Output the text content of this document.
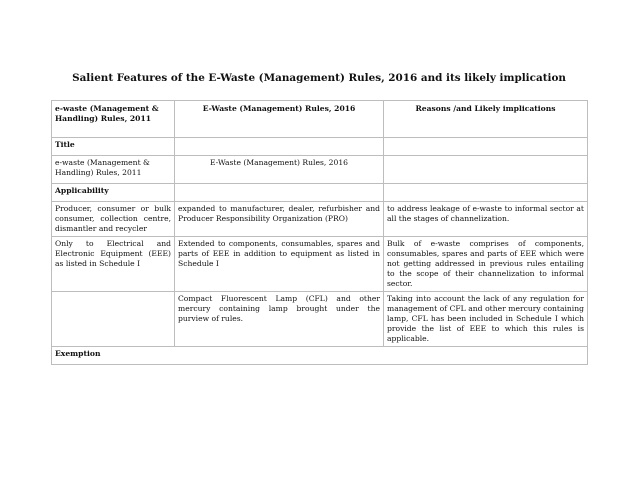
Salient Features of the E-Waste (Management) Rules, 2016 and its likely implication
e-waste (Management & Handling) Rules, 2011	E-Waste (Management) Rules, 2016	Reasons /and Likely implications
Title		
e-waste (Management & Handling) Rules, 2011	E-Waste (Management) Rules, 2016	
Applicability		
Producer, consumer or bulk consumer, collection centre, dismantler and recycler	expanded to manufacturer, dealer, refurbisher and Producer Responsibility Organization (PRO)	to address leakage of e-waste to informal sector at all the stages of channelization.
Only to Electrical and Electronic Equipment (EEE) as listed in Schedule I	Extended to components, consumables, spares and parts of EEE in addition to equipment as listed in Schedule I	Bulk of e-waste comprises of components, consumables, spares and parts of EEE which were not getting addressed in previous rules entailing to the scope of their channelization to informal sector.
	Compact Fluorescent Lamp (CFL) and other mercury containing lamp brought under the purview of rules.	Taking into account the lack of any regulation for management of CFL and other mercury containing lamp, CFL has been included in Schedule I which provide the list of EEE to which this rules is applicable.
Exemption		
